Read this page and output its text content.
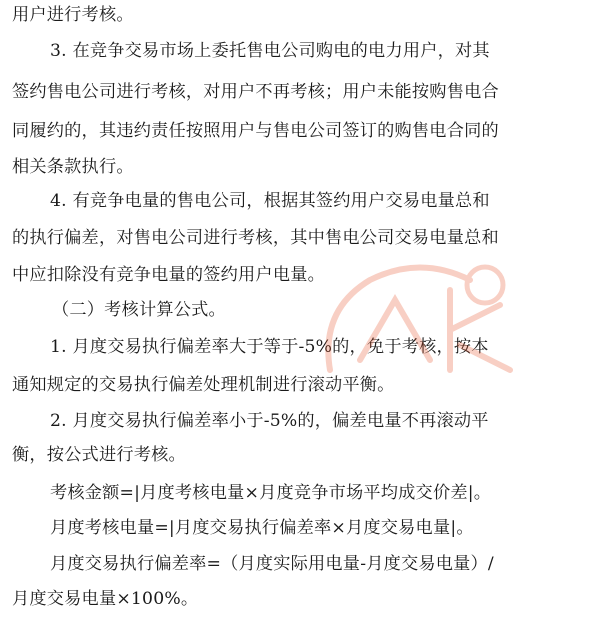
用户进行考核。
3. 在竞争交易市场上委托售电公司购电的电力用户，对其
签约售电公司进行考核，对用户不再考核；用户未能按购售电合
同履约的，其违约责任按照用户与售电公司签订的购售电合同的
相关条款执行。
4. 有竞争电量的售电公司，根据其签约用户交易电量总和
的执行偏差，对售电公司进行考核，其中售电公司交易电量总和
中应扣除没有竞争电量的签约用户电量。
（二）考核计算公式。
1. 月度交易执行偏差率大于等于-5%的，免于考核，按本
通知规定的交易执行偏差处理机制进行滚动平衡。
2. 月度交易执行偏差率小于-5%的，偏差电量不再滚动平
衡，按公式进行考核。
考核金额=|月度考核电量×月度竞争市场平均成交价差|。
月度考核电量=|月度交易执行偏差率×月度交易电量|。
月度交易执行偏差率=（月度实际用电量-月度交易电量）/
月度交易电量×100%。
